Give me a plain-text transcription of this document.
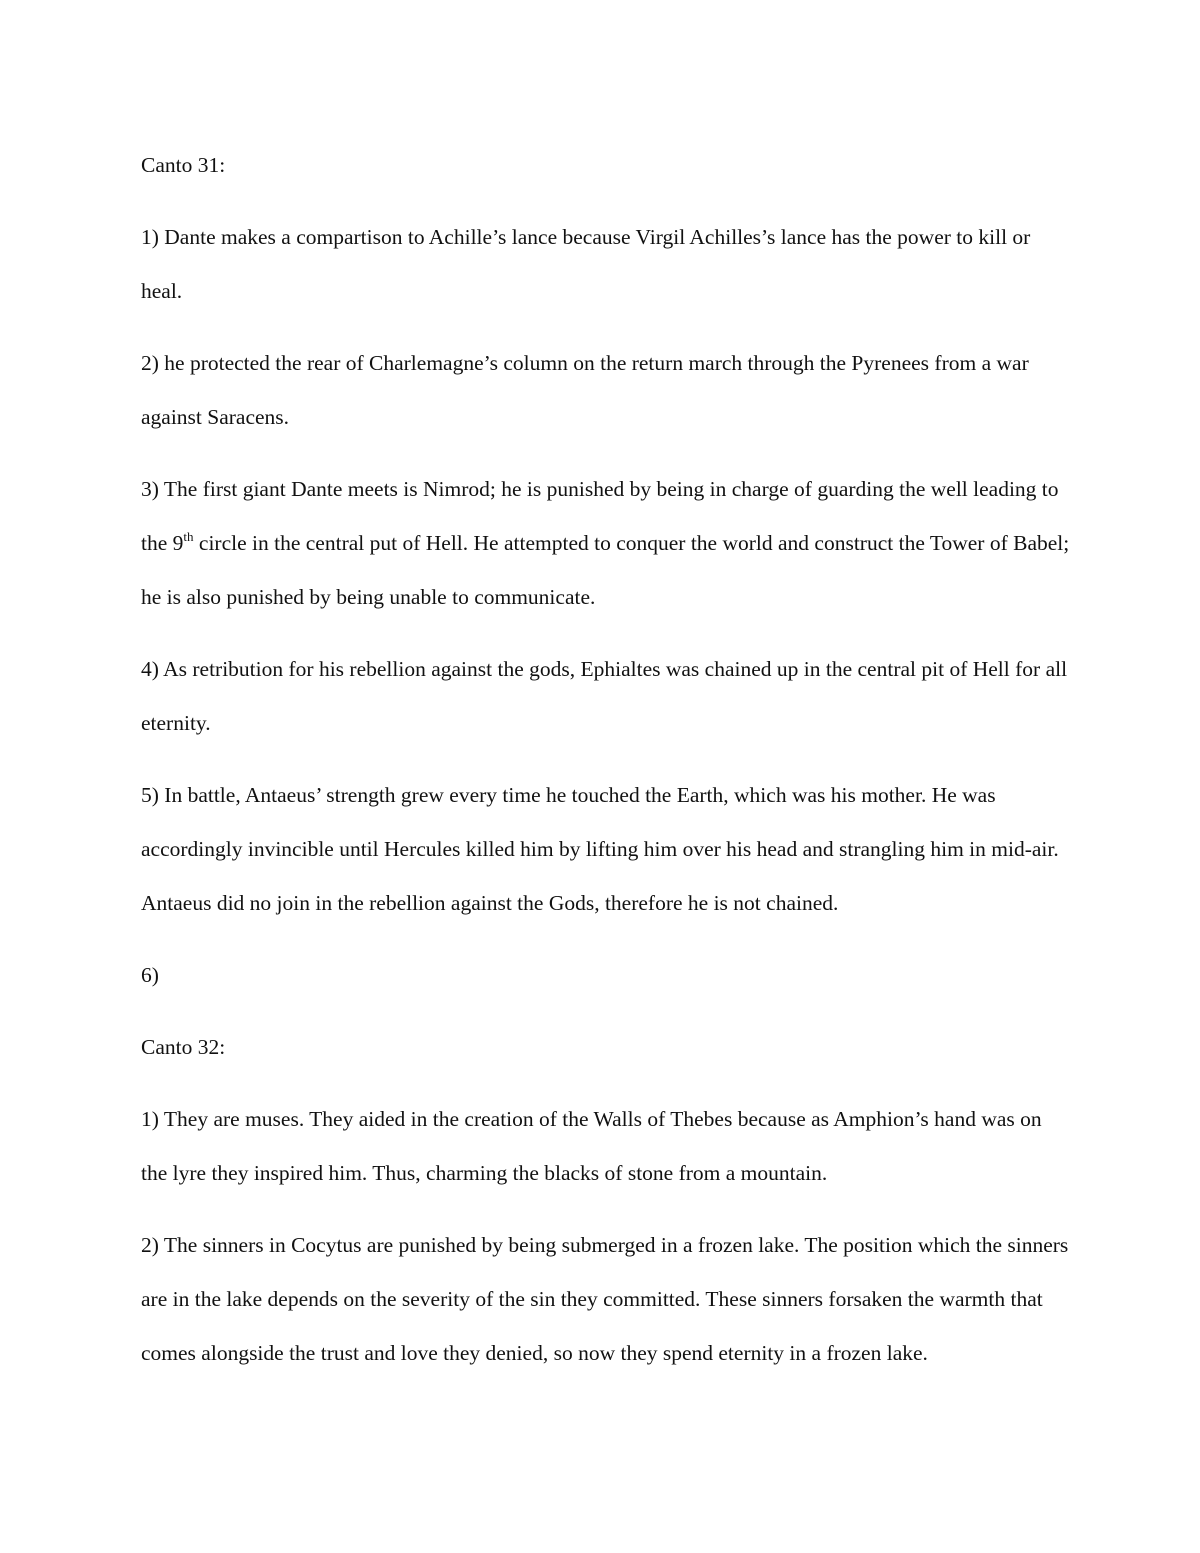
Canto 31:

1) Dante makes a compartison to Achille’s lance because Virgil Achilles’s lance has the power to kill or heal.

2) he protected the rear of Charlemagne’s column on the return march through the Pyrenees from a war against Saracens.

3) The first giant Dante meets is Nimrod; he is punished by being in charge of guarding the well leading to the 9th circle in the central put of Hell. He attempted to conquer the world and construct the Tower of Babel; he is also punished by being unable to communicate.

4) As retribution for his rebellion against the gods, Ephialtes was chained up in the central pit of Hell for all eternity.

5) In battle, Antaeus’ strength grew every time he touched the Earth, which was his mother. He was accordingly invincible until Hercules killed him by lifting him over his head and strangling him in mid-air. Antaeus did no join in the rebellion against the Gods, therefore he is not chained.

6)

Canto 32:

1) They are muses. They aided in the creation of the Walls of Thebes because as Amphion’s hand was on the lyre they inspired him. Thus, charming the blacks of stone from a mountain.

2) The sinners in Cocytus are punished by being submerged in a frozen lake. The position which the sinners are in the lake depends on the severity of the sin they committed. These sinners forsaken the warmth that comes alongside the trust and love they denied, so now they spend eternity in a frozen lake.
